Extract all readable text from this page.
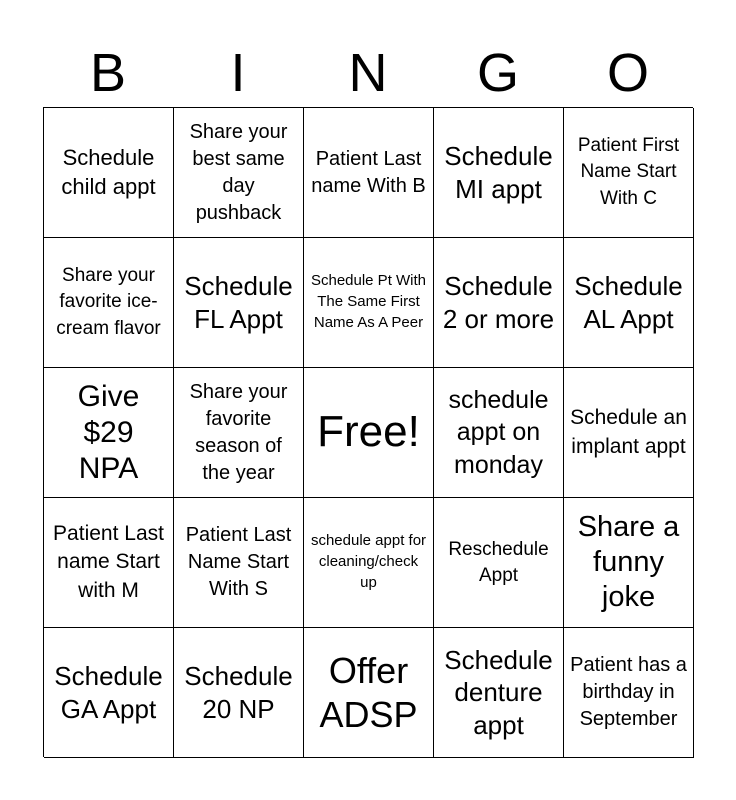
B	I	N	G	O
Schedule child appt
Share your best same day pushback
Patient Last name With B
Schedule MI appt
Patient First Name Start With C
Share your favorite ice-cream flavor
Schedule FL Appt
Schedule Pt With The Same First Name As A Peer
Schedule 2 or more
Schedule AL Appt
Give $29 NPA
Share your favorite season of the year
Free!
schedule appt on monday
Schedule an implant appt
Patient Last name Start with M
Patient Last Name Start With S
schedule appt for cleaning/check up
Reschedule Appt
Share a funny joke
Schedule GA Appt
Schedule 20 NP
Offer ADSP
Schedule denture appt
Patient has a birthday in September
